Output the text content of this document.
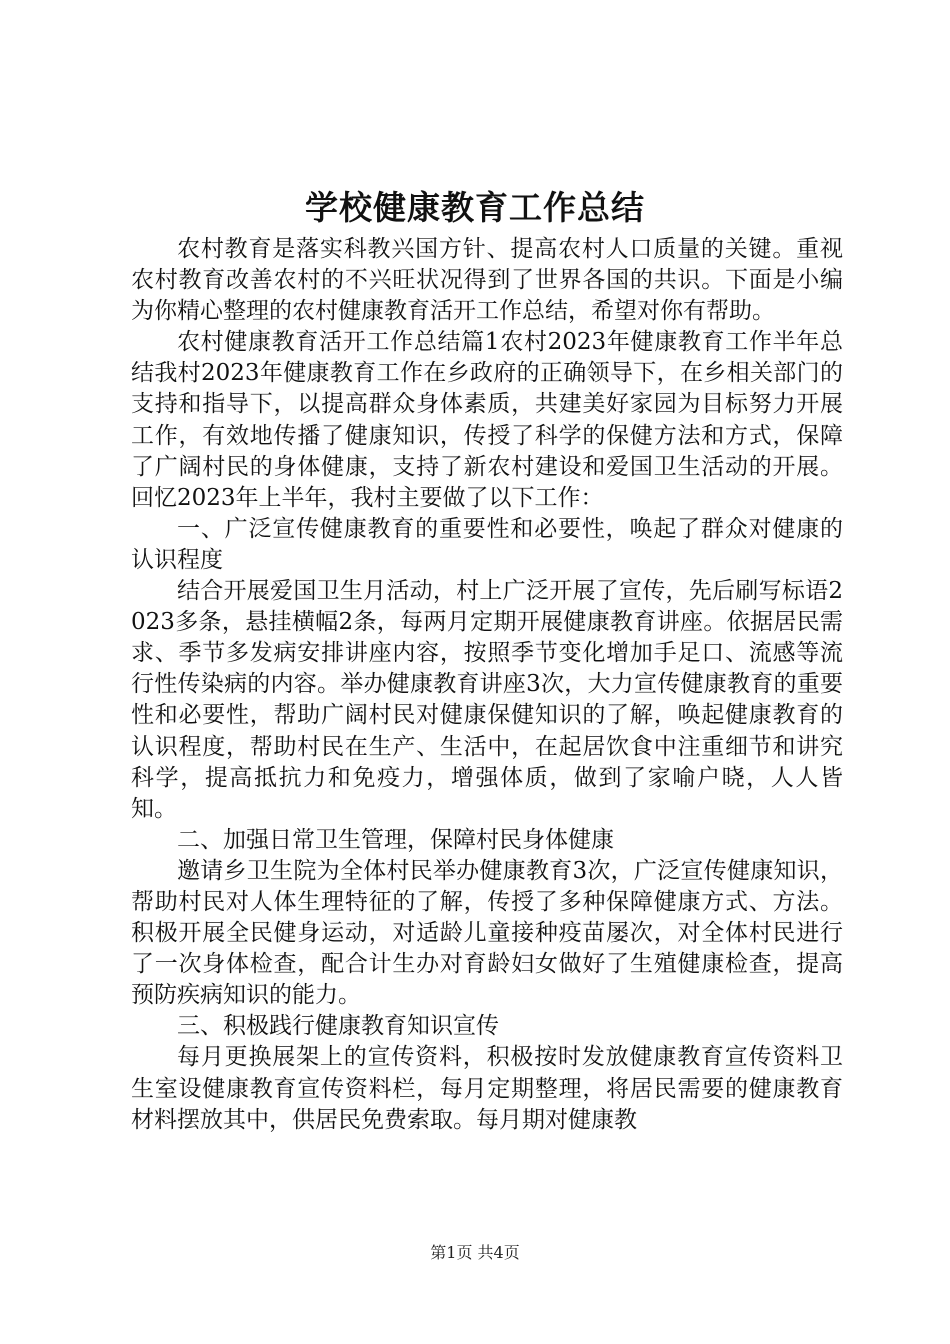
学校健康教育工作总结

农村教育是落实科教兴国方针、提高农村人口质量的关键。重视农村教育改善农村的不兴旺状况得到了世界各国的共识。下面是小编为你精心整理的农村健康教育活开工作总结，希望对你有帮助。

农村健康教育活开工作总结篇1农村2023年健康教育工作半年总结我村2023年健康教育工作在乡政府的正确领导下，在乡相关部门的支持和指导下，以提高群众身体素质，共建美好家园为目标努力开展工作，有效地传播了健康知识，传授了科学的保健方法和方式，保障了广阔村民的身体健康，支持了新农村建设和爱国卫生活动的开展。回忆2023年上半年，我村主要做了以下工作：

一、广泛宣传健康教育的重要性和必要性，唤起了群众对健康的认识程度

结合开展爱国卫生月活动，村上广泛开展了宣传，先后刷写标语2023多条，悬挂横幅2条，每两月定期开展健康教育讲座。依据居民需求、季节多发病安排讲座内容，按照季节变化增加手足口、流感等流行性传染病的内容。举办健康教育讲座3次，大力宣传健康教育的重要性和必要性，帮助广阔村民对健康保健知识的了解，唤起健康教育的认识程度，帮助村民在生产、生活中，在起居饮食中注重细节和讲究科学，提高抵抗力和免疫力，增强体质，做到了家喻户晓，人人皆知。

二、加强日常卫生管理，保障村民身体健康

邀请乡卫生院为全体村民举办健康教育3次，广泛宣传健康知识，帮助村民对人体生理特征的了解，传授了多种保障健康方式、方法。积极开展全民健身运动，对适龄儿童接种疫苗屡次，对全体村民进行了一次身体检查，配合计生办对育龄妇女做好了生殖健康检查，提高预防疾病知识的能力。

三、积极践行健康教育知识宣传

每月更换展架上的宣传资料，积极按时发放健康教育宣传资料卫生室设健康教育宣传资料栏，每月定期整理，将居民需要的健康教育材料摆放其中，供居民免费索取。每月期对健康教

第1页 共4页
